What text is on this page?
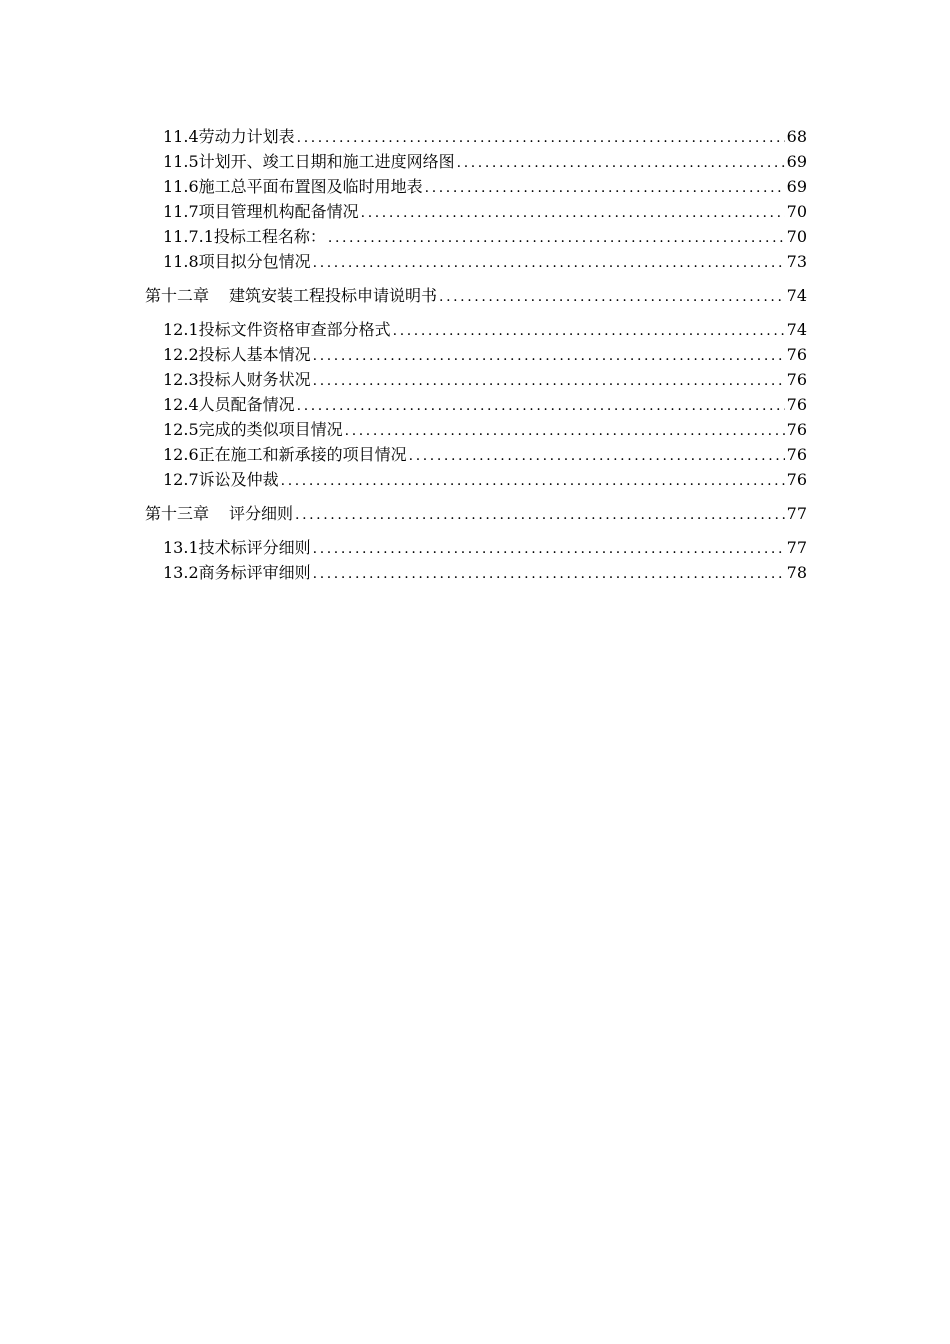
11.4劳动力计划表 .....	68
11.5计划开、竣工日期和施工进度网络图 .....	69
11.6施工总平面布置图及临时用地表 .....	69
11.7项目管理机构配备情况 .....	70
11.7.1投标工程名称： .....	70
11.8项目拟分包情况 .....	73
第十二章 建筑安装工程投标申请说明书 .....	74
12.1投标文件资格审查部分格式 .....	74
12.2投标人基本情况 .....	76
12.3投标人财务状况 .....	76
12.4人员配备情况 .....	76
12.5完成的类似项目情况 .....	76
12.6正在施工和新承接的项目情况 .....	76
12.7诉讼及仲裁 .....	76
第十三章 评分细则 .....	77
13.1技术标评分细则 .....	77
13.2商务标评审细则 .....	78
